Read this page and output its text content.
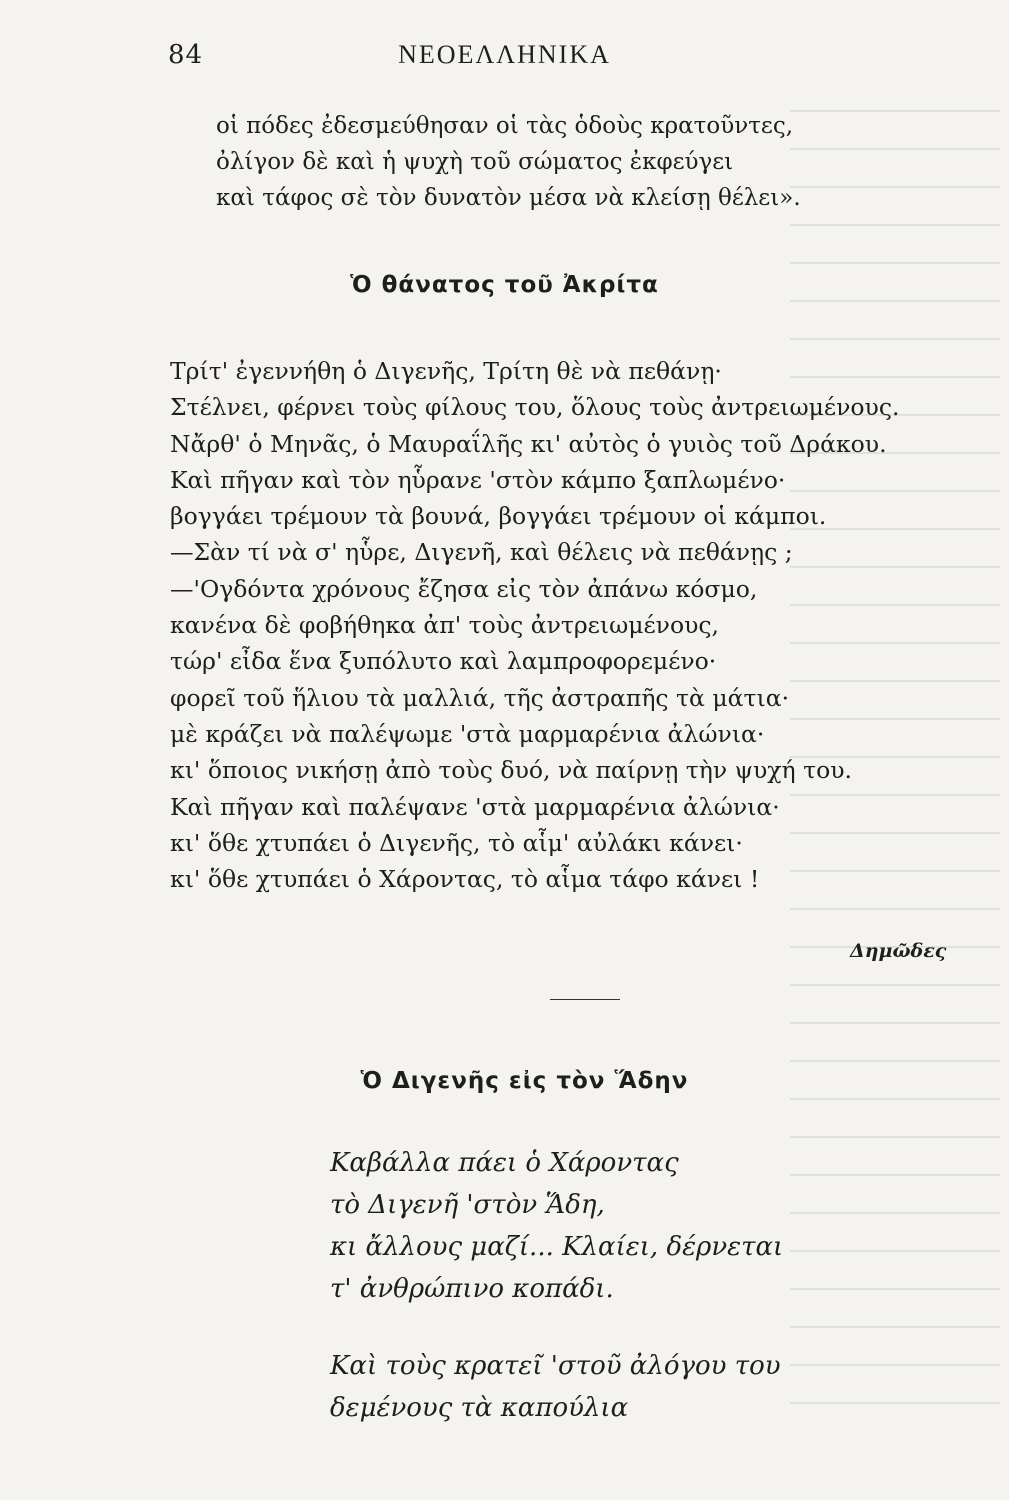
84	ΝΕΟΕΛΛΗΝΙΚΑ
οἱ πόδες ἐδεσμεύθησαν οἱ τὰς ὁδοὺς κρατοῦντες,
ὀλίγον δὲ καὶ ἡ ψυχὴ τοῦ σώματος ἐκφεύγει
καὶ τάφος σὲ τὸν δυνατὸν μέσα νὰ κλείσῃ θέλει».
Ὁ θάνατος τοῦ Ἀκρίτα
Τρίτ' ἐγεννήθη ὁ Διγενῆς, Τρίτη θὲ νὰ πεθάνῃ·
Στέλνει, φέρνει τοὺς φίλους του, ὅλους τοὺς ἀντρειωμένους.
Νἄρθ' ὁ Μηνᾶς, ὁ Μαυραΐλῆς κι' αὐτὸς ὁ γυιὸς τοῦ Δράκου.
Καὶ πῆγαν καὶ τὸν ηὗρανε 'στὸν κάμπο ξαπλωμένο·
βογγάει τρέμουν τὰ βουνά, βογγάει τρέμουν οἱ κάμποι.
—Σὰν τί νὰ σ' ηὗρε, Διγενῆ, καὶ θέλεις νὰ πεθάνῃς ;
—'Ογδόντα χρόνους ἔζησα εἰς τὸν ἀπάνω κόσμο,
κανένα δὲ φοβήθηκα ἀπ' τοὺς ἀντρειωμένους,
τώρ' εἶδα ἕνα ξυπόλυτο καὶ λαμπροφορεμένο·
φορεῖ τοῦ ἥλιου τὰ μαλλιά, τῆς ἀστραπῆς τὰ μάτια·
μὲ κράζει νὰ παλέψωμε 'στὰ μαρμαρένια ἀλώνια·
κι' ὅποιος νικήσῃ ἀπὸ τοὺς δυό, νὰ παίρνῃ τὴν ψυχή του.
Καὶ πῆγαν καὶ παλέψανε 'στὰ μαρμαρένια ἀλώνια·
κι' ὅθε χτυπάει ὁ Διγενῆς, τὸ αἷμ' αὐλάκι κάνει·
κι' ὅθε χτυπάει ὁ Χάροντας, τὸ αἷμα τάφο κάνει !
Δημῶδες
Ὁ Διγενῆς εἰς τὸν Ἅδην
Καβάλλα πάει ὁ Χάροντας
τὸ Διγενῆ 'στὸν Ἅδη,
κι ἄλλους μαζί... Κλαίει, δέρνεται
τ' ἀνθρώπινο κοπάδι.
Καὶ τοὺς κρατεῖ 'στοῦ ἀλόγου του
δεμένους τὰ καπούλια
